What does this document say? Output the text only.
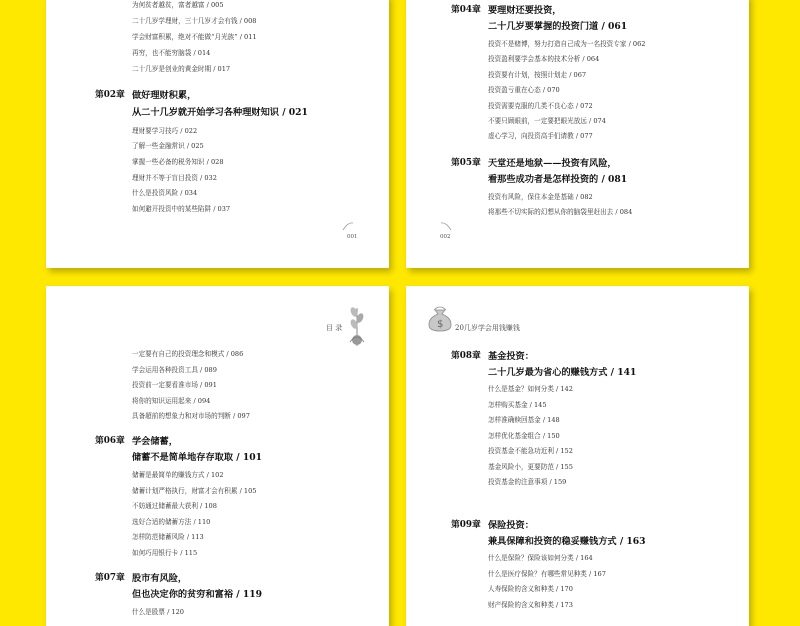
为何贫者越贫，富者越富 / 005
二十几岁学理财，三十几岁才会有钱 / 008
学会财富积累，绝对不能做“月光族” / 011
再穷，也不能穷脑袋 / 014
二十几岁是创业的黄金时期 / 017
第02章 做好理财积累，
从二十几岁就开始学习各种理财知识 / 021
理财要学习技巧 / 022
了解一些金融常识 / 025
掌握一些必备的税务知识 / 028
理财并不等于盲目投资 / 032
什么是投资风险 / 034
如何避开投资中的某些陷阱 / 037
001
第04章 要理财还要投资，
二十几岁要掌握的投资门道 / 061
投资不是赌博，努力打造自己成为一名投资专家 / 062
投资盈利要学会基本的技术分析 / 064
投资要有计划，按照计划走 / 067
投资盈亏重在心态 / 070
投资需要克服的几类不良心态 / 072
不要只顾眼前，一定要把眼光放远 / 074
虚心学习，向投资高手们请教 / 077
第05章 天堂还是地狱——投资有风险，
看那些成功者是怎样投资的 / 081
投资有风险，保住本金是基础 / 082
将那些不切实际的幻想从你的脑袋里赶出去 / 084
002
目 录
一定要有自己的投资理念和模式 / 086
学会运用各种投资工具 / 089
投资前一定要看准市场 / 091
将你的知识运用起来 / 094
具备超前的想象力和对市场的判断 / 097
第06章 学会储蓄，
储蓄不是简单地存存取取 / 101
储蓄是最简单的赚钱方式 / 102
储蓄计划严格执行，财富才会有积累 / 105
不妨通过储蓄最大获利 / 108
选好合适的储蓄方法 / 110
怎样防范储蓄风险 / 113
如何巧用银行卡 / 115
第07章 股市有风险，
但也决定你的贫穷和富裕 / 119
什么是股票 / 120
$ 20几岁学会用钱赚钱
第08章 基金投资：
二十几岁最为省心的赚钱方式 / 141
什么是基金？如何分类 / 142
怎样购买基金 / 145
怎样准确赎回基金 / 148
怎样优化基金组合 / 150
投资基金不能急功近利 / 152
基金风险小，更要防范 / 155
投资基金的注意事项 / 159
第09章 保险投资：
兼具保障和投资的稳妥赚钱方式 / 163
什么是保险？保险该如何分类 / 164
什么是医疗保险？有哪些常见种类 / 167
人寿保险的含义和种类 / 170
财产保险的含义和种类 / 173
